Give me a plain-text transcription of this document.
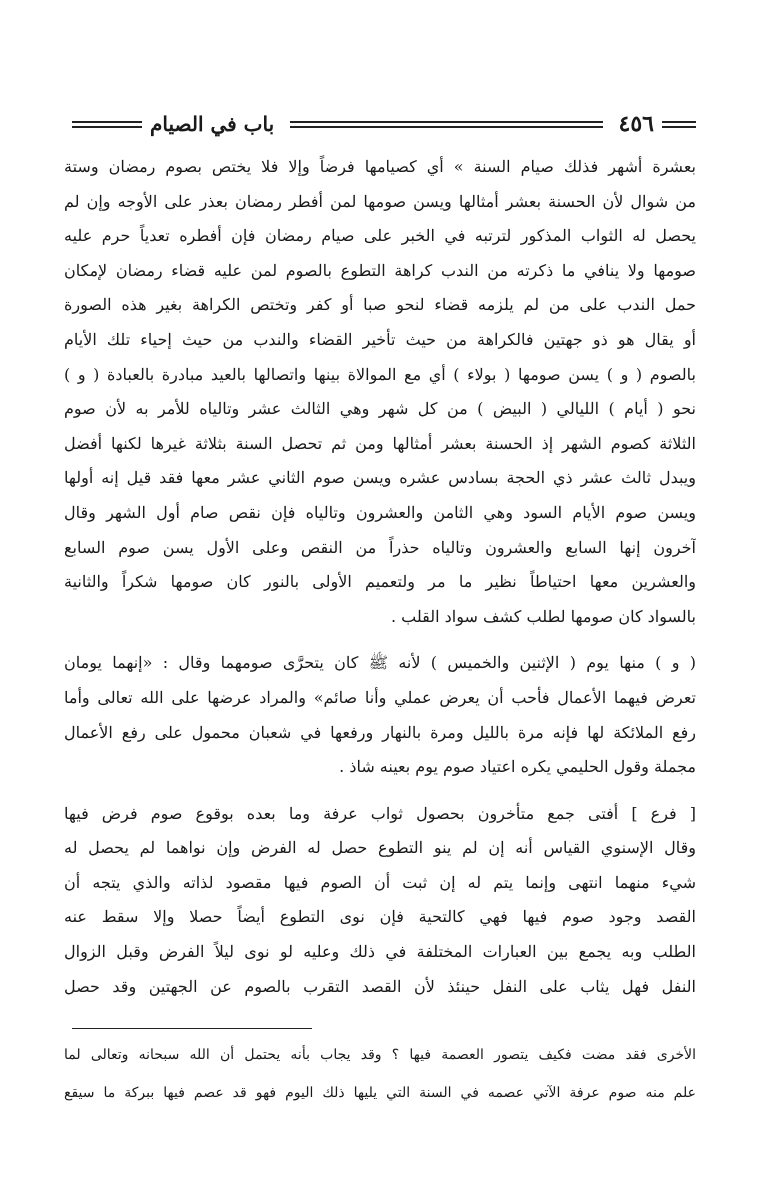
٤٥٦
باب في الصيام
بعشرة أشهر فذلك صيام السنة » أي كصيامها فرضاً وإلا فلا يختص بصوم رمضان وستة
من شوال لأن الحسنة بعشر أمثالها ويسن صومها لمن أفطر رمضان بعذر على الأوجه وإن لم
يحصل له الثواب المذكور لترتبه في الخبر على صيام رمضان فإن أفطره تعدياً حرم عليه
صومها ولا ينافي ما ذكرته من الندب كراهة التطوع بالصوم لمن عليه قضاء رمضان لإمكان
حمل الندب على من لم يلزمه قضاء لنحو صبا أو كفر وتختص الكراهة بغير هذه الصورة
أو يقال هو ذو جهتين فالكراهة من حيث تأخير القضاء والندب من حيث إحياء تلك الأيام
بالصوم ( و ) يسن صومها ( بولاء ) أي مع الموالاة بينها واتصالها بالعيد مبادرة بالعبادة ( و )
نحو ( أيام ) الليالي ( البيض ) من كل شهر وهي الثالث عشر وتالياه للأمر به لأن صوم
الثلاثة كصوم الشهر إذ الحسنة بعشر أمثالها ومن ثم تحصل السنة بثلاثة غيرها لكنها أفضل
ويبدل ثالث عشر ذي الحجة بسادس عشره ويسن صوم الثاني عشر معها فقد قيل إنه أولها
ويسن صوم الأيام السود وهي الثامن والعشرون وتالياه فإن نقص صام أول الشهر وقال
آخرون إنها السابع والعشرون وتالياه حذراً من النقص وعلى الأول يسن صوم السابع
والعشرين معها احتياطاً نظير ما مر ولتعميم الأولى بالنور كان صومها شكراً والثانية
بالسواد كان صومها لطلب كشف سواد القلب .
( و ) منها يوم ( الإثنين والخميس ) لأنه ﷺ كان يتحرَّى صومهما وقال : «إنهما يومان
تعرض فيهما الأعمال فأحب أن يعرض عملي وأنا صائم» والمراد عرضها على الله تعالى وأما
رفع الملائكة لها فإنه مرة بالليل ومرة بالنهار ورفعها في شعبان محمول على رفع الأعمال
مجملة وقول الحليمي يكره اعتياد صوم يوم بعينه شاذ .
[ فرع ] أفتى جمع متأخرون بحصول ثواب عرفة وما بعده بوقوع صوم فرض فيها
وقال الإسنوي القياس أنه إن لم ينو التطوع حصل له الفرض وإن نواهما لم يحصل له
شيء منهما انتهى وإنما يتم له إن ثبت أن الصوم فيها مقصود لذاته والذي يتجه أن
القصد وجود صوم فيها فهي كالتحية فإن نوى التطوع أيضاً حصلا وإلا سقط عنه
الطلب وبه يجمع بين العبارات المختلفة في ذلك وعليه لو نوى ليلاً الفرض وقبل الزوال
النفل فهل يثاب على النفل حينئذ لأن القصد التقرب بالصوم عن الجهتين وقد حصل
الأخرى فقد مضت فكيف يتصور العصمة فيها ؟ وقد يجاب بأنه يحتمل أن الله سبحانه وتعالى لما
علم منه صوم عرفة الآتي عصمه في السنة التي يليها ذلك اليوم فهو قد عصم فيها ببركة ما سيقع
